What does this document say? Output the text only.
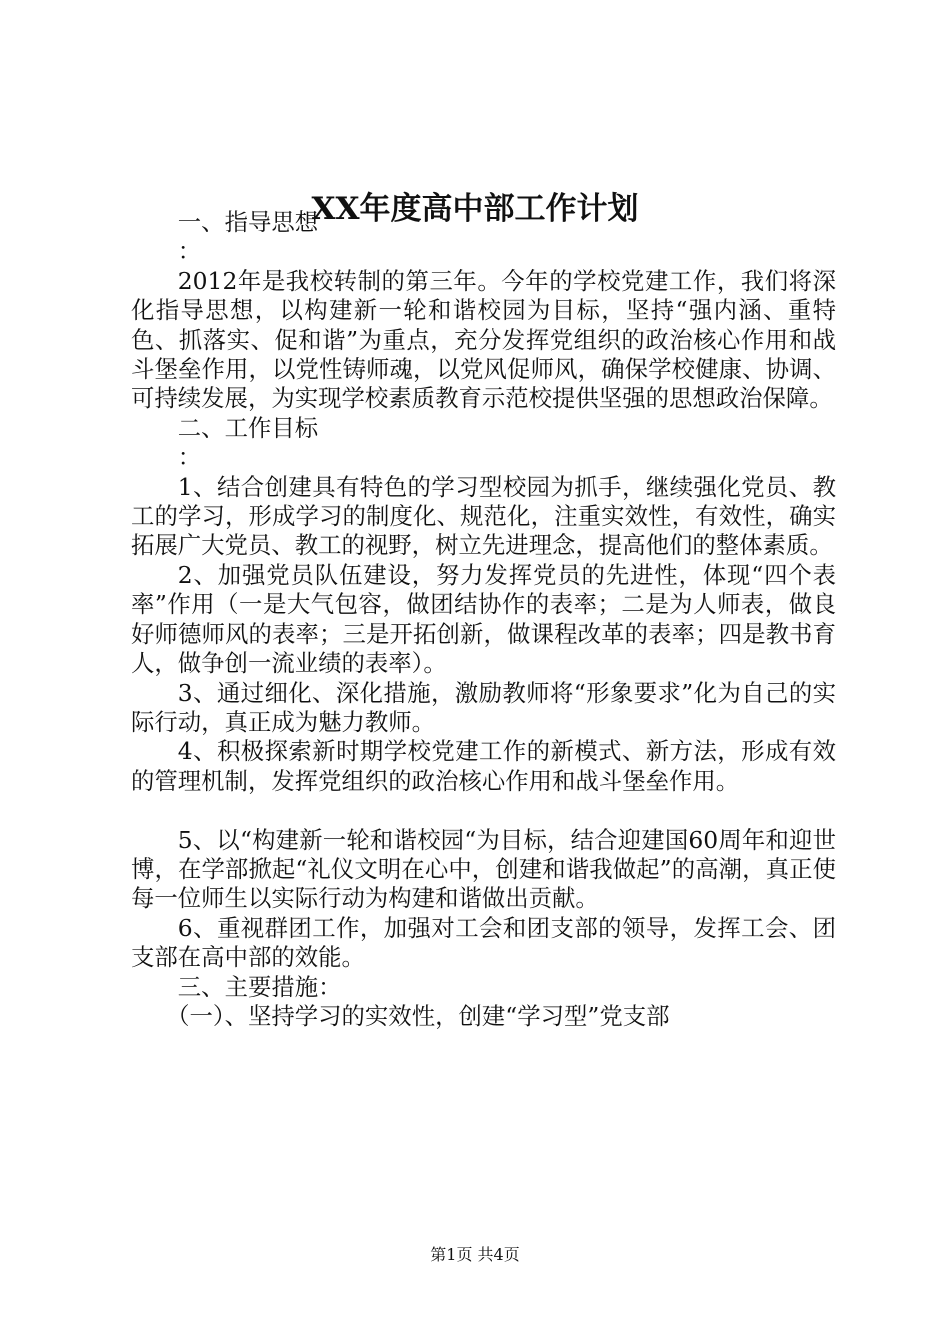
XX年度高中部工作计划

一、指导思想

：

2012年是我校转制的第三年。今年的学校党建工作，我们将深化指导思想，以构建新一轮和谐校园为目标，坚持“强内涵、重特色、抓落实、促和谐”为重点，充分发挥党组织的政治核心作用和战斗堡垒作用，以党性铸师魂，以党风促师风，确保学校健康、协调、可持续发展，为实现学校素质教育示范校提供坚强的思想政治保障。

二、工作目标

：

1、结合创建具有特色的学习型校园为抓手，继续强化党员、教工的学习，形成学习的制度化、规范化，注重实效性，有效性，确实拓展广大党员、教工的视野，树立先进理念，提高他们的整体素质。

2、加强党员队伍建设，努力发挥党员的先进性，体现“四个表率”作用（一是大气包容，做团结协作的表率；二是为人师表，做良好师德师风的表率；三是开拓创新，做课程改革的表率；四是教书育人，做争创一流业绩的表率）。

3、通过细化、深化措施，激励教师将“形象要求”化为自己的实际行动，真正成为魅力教师。

4、积极探索新时期学校党建工作的新模式、新方法，形成有效的管理机制，发挥党组织的政治核心作用和战斗堡垒作用。

5、以“构建新一轮和谐校园“为目标，结合迎建国60周年和迎世博，在学部掀起“礼仪文明在心中，创建和谐我做起”的高潮，真正使每一位师生以实际行动为构建和谐做出贡献。

6、重视群团工作，加强对工会和团支部的领导，发挥工会、团支部在高中部的效能。

三、主要措施：

（一）、坚持学习的实效性，创建“学习型”党支部

第1页 共4页
